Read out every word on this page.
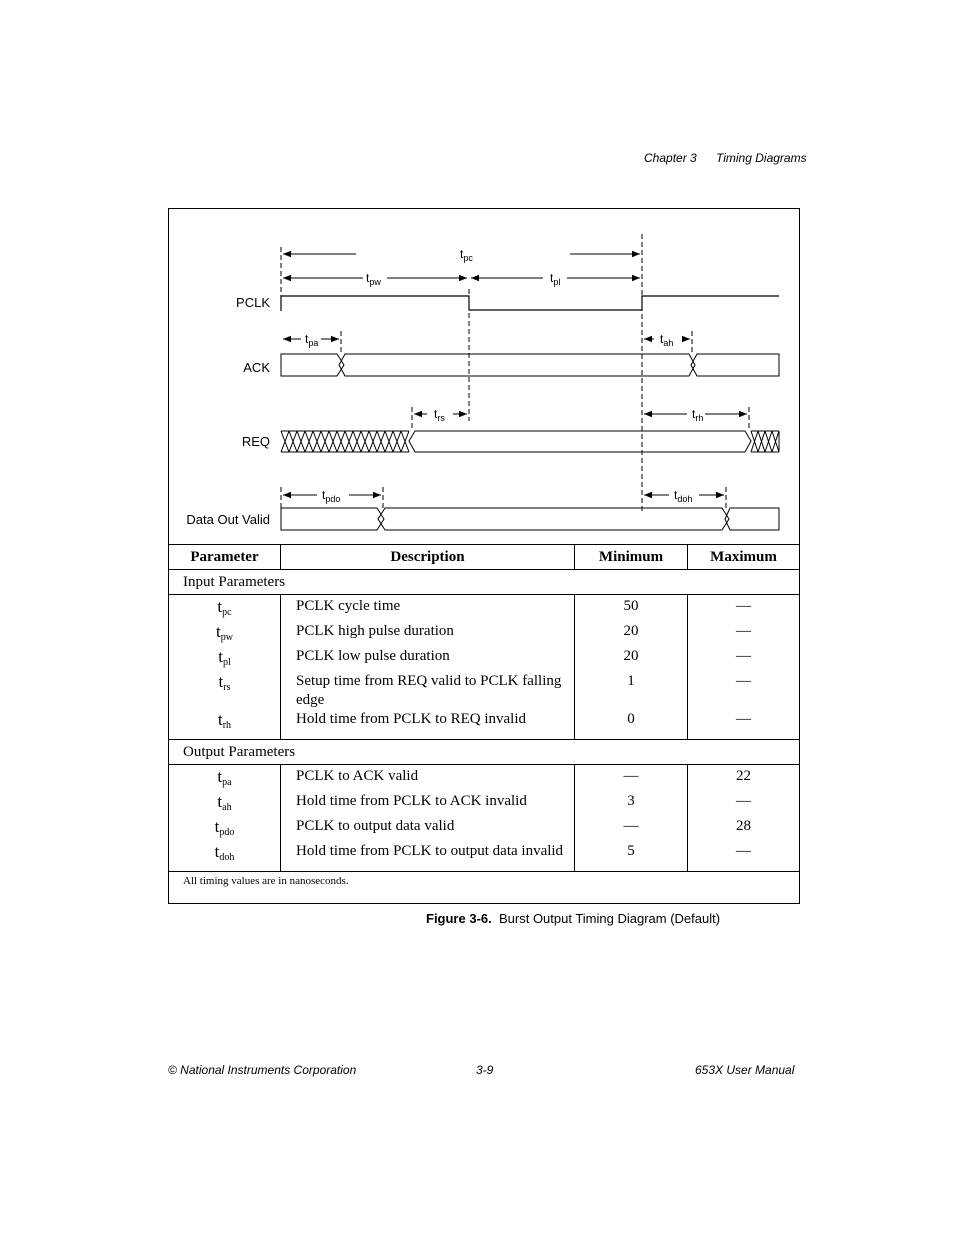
Chapter 3 Timing Diagrams
PCLK
ACK
REQ
Data Out Valid
$t_{pc}$
$t_{pw}$	$t_{pl}$
$t_{pa}$	$t_{ah}$
$t_{rs}$	$t_{rh}$
$t_{pdo}$	$t_{doh}$
Parameter	Description	Minimum	Maximum
Input Parameters			
$t_{pc}$	PCLK cycle time	50	—
$t_{pw}$	PCLK high pulse duration	20	—
$t_{pl}$	PCLK low pulse duration	20	—
$t_{rs}$	Setup time from REQ valid to PCLK falling edge	1	—
$t_{rh}$	Hold time from PCLK to REQ invalid	0	—
Output Parameters			
$t_{pa}$	PCLK to ACK valid	—	22
$t_{ah}$	Hold time from PCLK to ACK invalid	3	—
$t_{pdo}$	PCLK to output data valid	—	28
$t_{doh}$	Hold time from PCLK to output data invalid	5	—
All timing values are in nanoseconds.			
Figure 3-6. Burst Output Timing Diagram (Default)
© National Instruments Corporation	3-9	653X User Manual
